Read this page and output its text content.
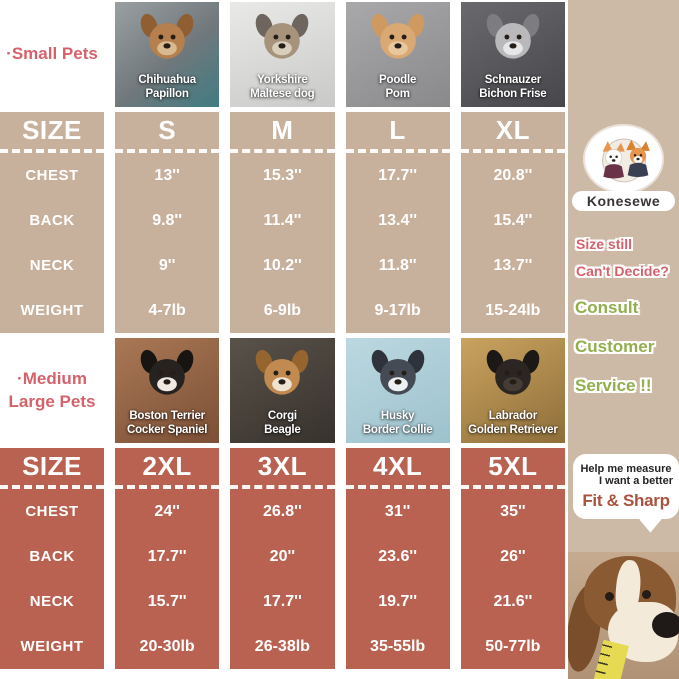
·Small Pets
Chihuahua
Papillon
Yorkshire
Maltese dog
Poodle
Pom
Schnauzer
Bichon Frise
SIZE
CHEST
BACK
NECK
WEIGHT
S
13''
9.8''
9''
4-7lb
M
15.3''
11.4''
10.2''
6-9lb
L
17.7''
13.4''
11.8''
9-17lb
XL
20.8''
15.4''
13.7''
15-24lb
·Medium
Large Pets
Boston Terrier
Cocker Spaniel
Corgi
Beagle
Husky
Border Collie
Labrador
Golden Retriever
SIZE
CHEST
BACK
NECK
WEIGHT
2XL
24''
17.7''
15.7''
20-30lb
3XL
26.8''
20''
17.7''
26-38lb
4XL
31''
23.6''
19.7''
35-55lb
5XL
35''
26''
21.6''
50-77lb
Konesewe
Size still
Can't Decide?
Consult
Customer
Service !!
Help me measure
I want a better
Fit & Sharp
